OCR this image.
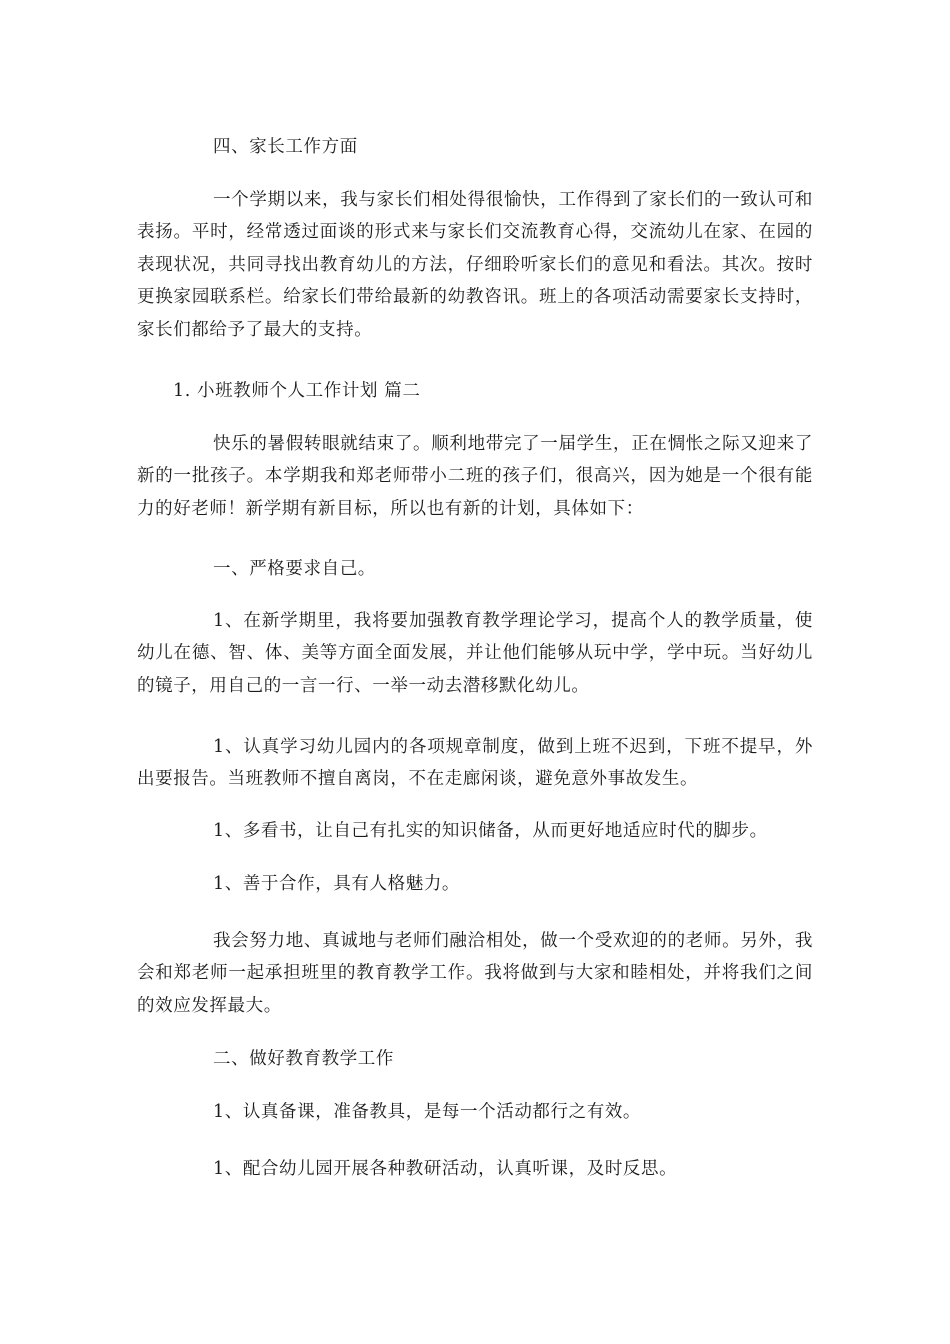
四、家长工作方面

一个学期以来，我与家长们相处得很愉快，工作得到了家长们的一致认可和表扬。平时，经常透过面谈的形式来与家长们交流教育心得，交流幼儿在家、在园的表现状况，共同寻找出教育幼儿的方法，仔细聆听家长们的意见和看法。其次。按时更换家园联系栏。给家长们带给最新的幼教咨讯。班上的各项活动需要家长支持时，家长们都给予了最大的支持。

1. 小班教师个人工作计划 篇二

快乐的暑假转眼就结束了。顺利地带完了一届学生，正在惆怅之际又迎来了新的一批孩子。本学期我和郑老师带小二班的孩子们，很高兴，因为她是一个很有能力的好老师！新学期有新目标，所以也有新的计划，具体如下：

一、严格要求自己。

1、在新学期里，我将要加强教育教学理论学习，提高个人的教学质量，使幼儿在德、智、体、美等方面全面发展，并让他们能够从玩中学，学中玩。当好幼儿的镜子，用自己的一言一行、一举一动去潜移默化幼儿。

1、认真学习幼儿园内的各项规章制度，做到上班不迟到，下班不提早，外出要报告。当班教师不擅自离岗，不在走廊闲谈，避免意外事故发生。

1、多看书，让自己有扎实的知识储备，从而更好地适应时代的脚步。

1、善于合作，具有人格魅力。

我会努力地、真诚地与老师们融洽相处，做一个受欢迎的的老师。另外，我会和郑老师一起承担班里的教育教学工作。我将做到与大家和睦相处，并将我们之间的效应发挥最大。

二、做好教育教学工作

1、认真备课，准备教具，是每一个活动都行之有效。

1、配合幼儿园开展各种教研活动，认真听课，及时反思。
